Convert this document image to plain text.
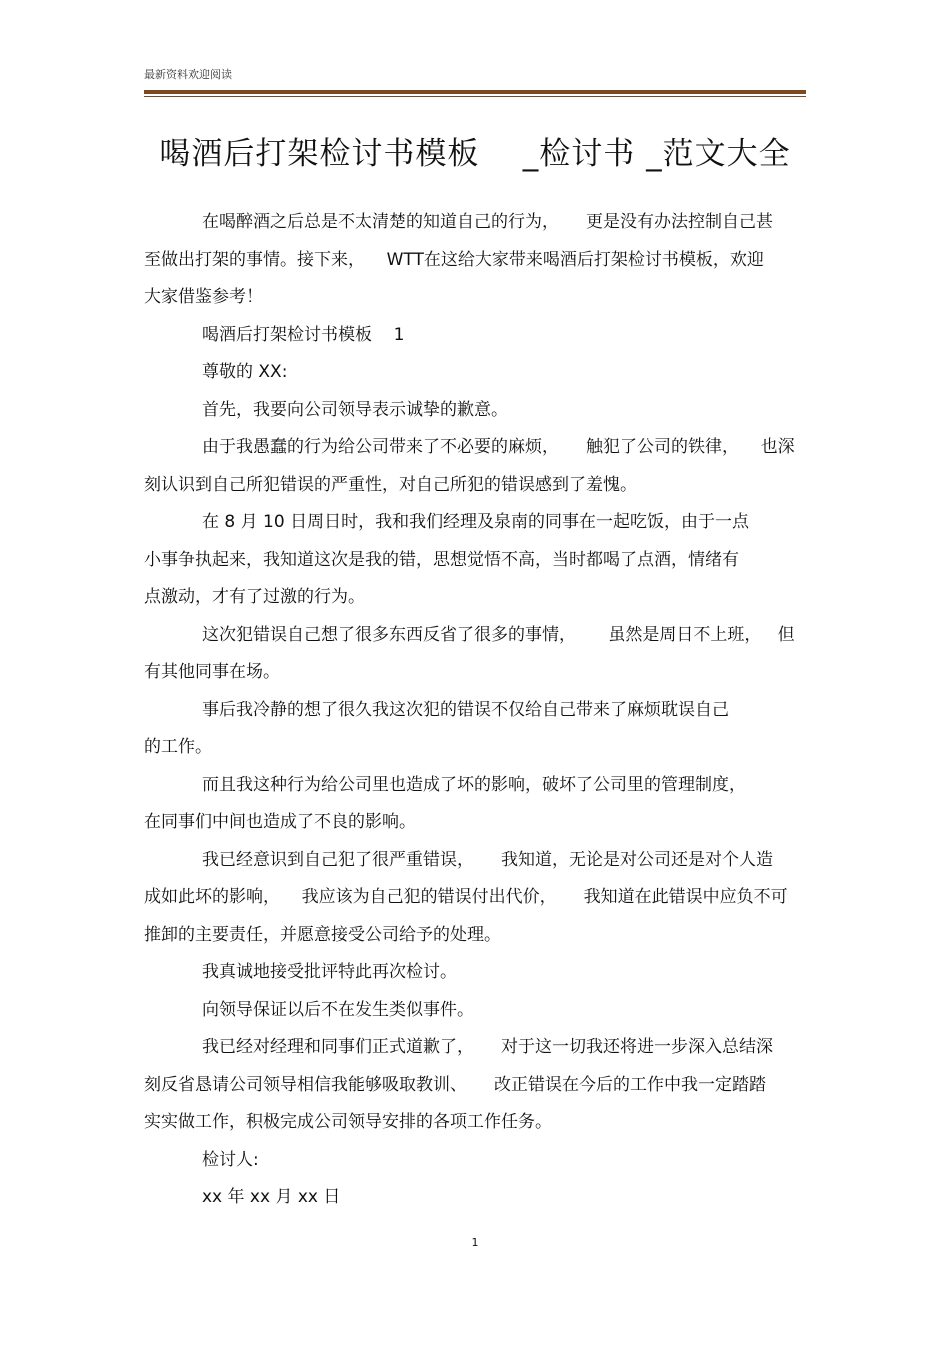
最新资料欢迎阅读
喝酒后打架检讨书模板    _检讨书 _范文大全
在喝醉酒之后总是不太清楚的知道自己的行为，     更是没有办法控制自己甚
至做出打架的事情。接下来，    WTT在这给大家带来喝酒后打架检讨书模板，欢迎
大家借鉴参考！
喝酒后打架检讨书模板    1
尊敬的 XX:
首先，我要向公司领导表示诚挚的歉意。
由于我愚蠢的行为给公司带来了不必要的麻烦，     触犯了公司的铁律，    也深
刻认识到自己所犯错误的严重性，对自己所犯的错误感到了羞愧。
在 8 月 10 日周日时，我和我们经理及泉南的同事在一起吃饭，由于一点
小事争执起来，我知道这次是我的错，思想觉悟不高，当时都喝了点酒，情绪有
点激动，才有了过激的行为。
这次犯错误自己想了很多东西反省了很多的事情，      虽然是周日不上班，   但
有其他同事在场。
事后我冷静的想了很久我这次犯的错误不仅给自己带来了麻烦耽误自己
的工作。
而且我这种行为给公司里也造成了坏的影响，破坏了公司里的管理制度，
在同事们中间也造成了不良的影响。
我已经意识到自己犯了很严重错误，     我知道，无论是对公司还是对个人造
成如此坏的影响，    我应该为自己犯的错误付出代价，     我知道在此错误中应负不可
推卸的主要责任，并愿意接受公司给予的处理。
我真诚地接受批评特此再次检讨。
向领导保证以后不在发生类似事件。
我已经对经理和同事们正式道歉了，     对于这一切我还将进一步深入总结深
刻反省恳请公司领导相信我能够吸取教训、     改正错误在今后的工作中我一定踏踏
实实做工作，积极完成公司领导安排的各项工作任务。
检讨人:
xx 年 xx 月 xx 日
1
